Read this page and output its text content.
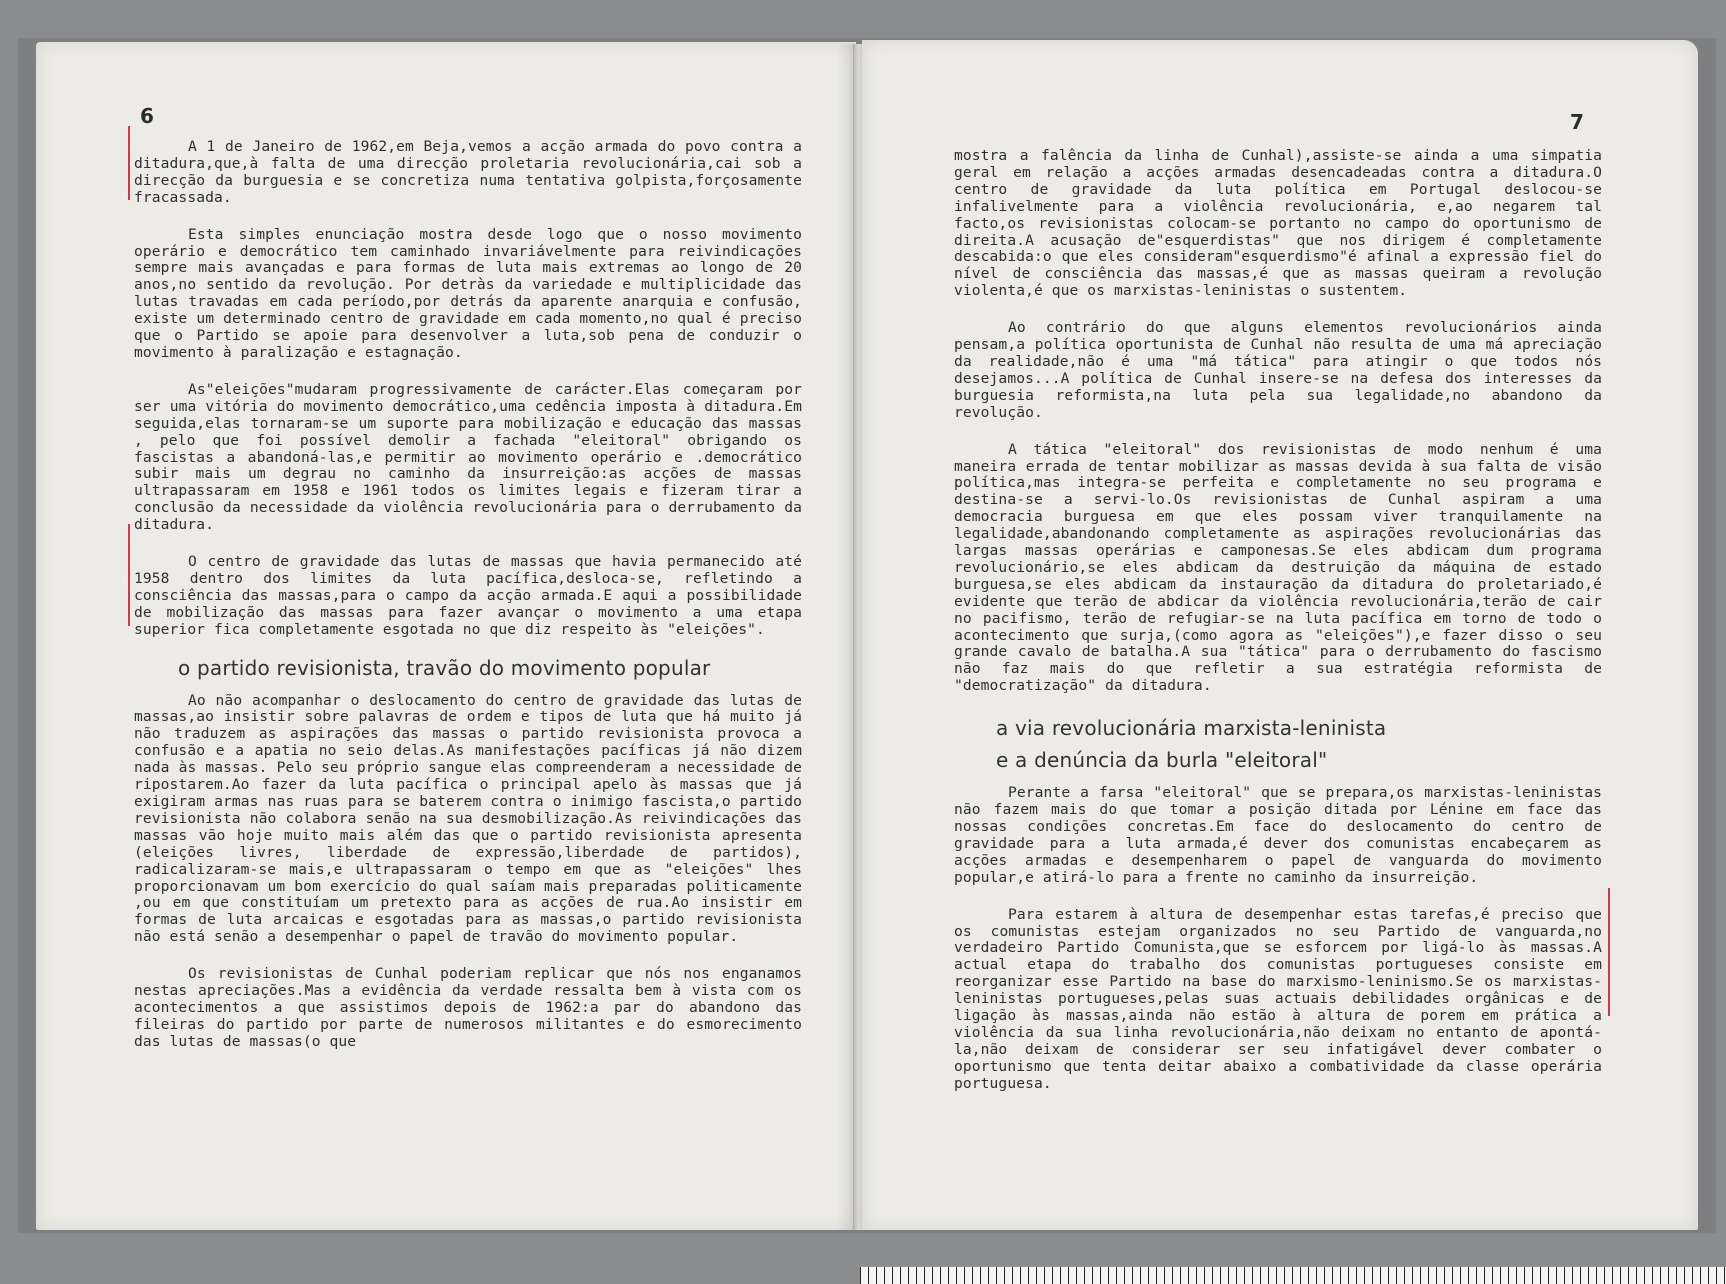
6

A 1 de Janeiro de 1962,em Beja,vemos a acção armada do povo contra a ditadura,que,à falta de uma direcção proletaria revolucionária,cai sob a direcção da burguesia e se concretiza numa tentativa golpista,forçosamente fracassada.

Esta simples enunciação mostra desde logo que o nosso movimento operário e democrático tem caminhado invariávelmente para reivindicações sempre mais avançadas e para formas de luta mais extremas ao longo de 20 anos,no sentido da revolução. Por detràs da variedade e multiplicidade das lutas travadas em cada período,por detrás da aparente anarquia e confusão, existe um determinado centro de gravidade em cada momento,no qual é preciso que o Partido se apoie para desenvolver a luta,sob pena de conduzir o movimento à paralização e estagnação.

As"eleições"mudaram progressivamente de carácter.Elas começaram por ser uma vitória do movimento democrático,uma cedência imposta à ditadura.Em seguida,elas tornaram-se um suporte para mobilização e educação das massas , pelo que foi possível demolir a fachada "eleitoral" obrigando os fascistas a abandoná-las,e permitir ao movimento operário e .democrático subir mais um degrau no caminho da insurreição:as acções de massas ultrapassaram em 1958 e 1961 todos os limites legais e fizeram tirar a conclusão da necessidade da violência revolucionária para o derrubamento da ditadura.

O centro de gravidade das lutas de massas que havia permanecido até 1958 dentro dos limites da luta pacífica,desloca-se, refletindo a consciência das massas,para o campo da acção armada.E aqui a possibilidade de mobilização das massas para fazer avançar o movimento a uma etapa superior fica completamente esgotada no que diz respeito às "eleições".

o partido revisionista, travão do movimento popular

Ao não acompanhar o deslocamento do centro de gravidade das lutas de massas,ao insistir sobre palavras de ordem e tipos de luta que há muito já não traduzem as aspirações das massas o partido revisionista provoca a confusão e a apatia no seio delas.As manifestações pacíficas já não dizem nada às massas. Pelo seu próprio sangue elas compreenderam a necessidade de ripostarem.Ao fazer da luta pacífica o principal apelo às massas que já exigiram armas nas ruas para se baterem contra o inimigo fascista,o partido revisionista não colabora senão na sua desmobilização.As reivindicações das massas vão hoje muito mais além das que o partido revisionista apresenta (eleições livres, liberdade de expressão,liberdade de partidos), radicalizaram-se mais,e ultrapassaram o tempo em que as "eleições" lhes proporcionavam um bom exercício do qual saíam mais preparadas politicamente ,ou em que constituíam um pretexto para as acções de rua.Ao insistir em formas de luta arcaicas e esgotadas para as massas,o partido revisionista não está senão a desempenhar o papel de travão do movimento popular.

Os revisionistas de Cunhal poderiam replicar que nós nos enganamos nestas apreciações.Mas a evidência da verdade ressalta bem à vista com os acontecimentos a que assistimos depois de 1962:a par do abandono das fileiras do partido por parte de numerosos militantes e do esmorecimento das lutas de massas(o que

7

mostra a falência da linha de Cunhal),assiste-se ainda a uma simpatia geral em relação a acções armadas desencadeadas contra a ditadura.O centro de gravidade da luta política em Portugal deslocou-se infalivelmente para a violência revolucionária, e,ao negarem tal facto,os revisionistas colocam-se portanto no campo do oportunismo de direita.A acusação de"esquerdistas" que nos dirigem é completamente descabida:o que eles consideram"esquerdismo"é afinal a expressão fiel do nível de consciência das massas,é que as massas queiram a revolução violenta,é que os marxistas-leninistas o sustentem.

Ao contrário do que alguns elementos revolucionários ainda pensam,a política oportunista de Cunhal não resulta de uma má apreciação da realidade,não é uma "má tática" para atingir o que todos nós desejamos...A política de Cunhal insere-se na defesa dos interesses da burguesia reformista,na luta pela sua legalidade,no abandono da revolução.

A tática "eleitoral" dos revisionistas de modo nenhum é uma maneira errada de tentar mobilizar as massas devida à sua falta de visão política,mas integra-se perfeita e completamente no seu programa e destina-se a servi-lo.Os revisionistas de Cunhal aspiram a uma democracia burguesa em que eles possam viver tranquilamente na legalidade,abandonando completamente as aspirações revolucionárias das largas massas operárias e camponesas.Se eles abdicam dum programa revolucionário,se eles abdicam da destruição da máquina de estado burguesa,se eles abdicam da instauração da ditadura do proletariado,é evidente que terão de abdicar da violência revolucionária,terão de cair no pacifismo, terão de refugiar-se na luta pacífica em torno de todo o acontecimento que surja,(como agora as "eleições"),e fazer disso o seu grande cavalo de batalha.A sua "tática" para o derrubamento do fascismo não faz mais do que refletir a sua estratégia reformista de "democratização" da ditadura.

a via revolucionária marxista-leninista
e a denúncia da burla "eleitoral"

Perante a farsa "eleitoral" que se prepara,os marxistas-leninistas não fazem mais do que tomar a posição ditada por Lénine em face das nossas condições concretas.Em face do deslocamento do centro de gravidade para a luta armada,é dever dos comunistas encabeçarem as acções armadas e desempenharem o papel de vanguarda do movimento popular,e atirá-lo para a frente no caminho da insurreição.

Para estarem à altura de desempenhar estas tarefas,é preciso que os comunistas estejam organizados no seu Partido de vanguarda,no verdadeiro Partido Comunista,que se esforcem por ligá-lo às massas.A actual etapa do trabalho dos comunistas portugueses consiste em reorganizar esse Partido na base do marxismo-leninismo.Se os marxistas-leninistas portugueses,pelas suas actuais debilidades orgânicas e de ligação às massas,ainda não estão à altura de porem em prática a violência da sua linha revolucionária,não deixam no entanto de apontá-la,não deixam de considerar ser seu infatigável dever combater o oportunismo que tenta deitar abaixo a combatividade da classe operária portuguesa.
